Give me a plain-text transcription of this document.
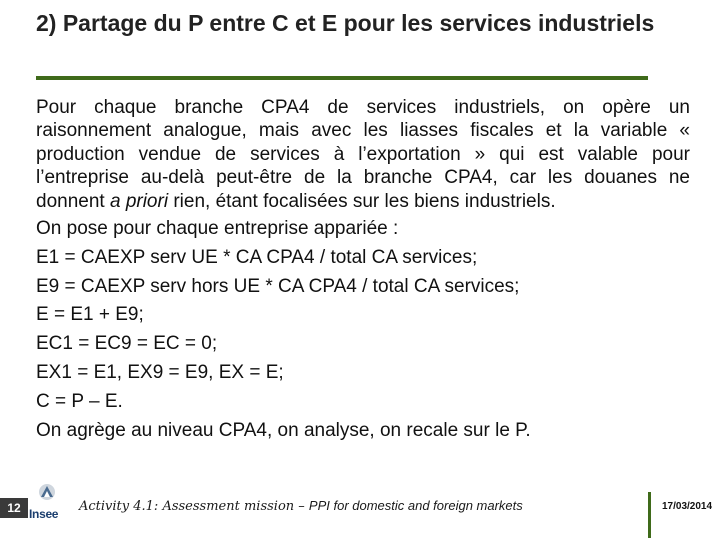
2) Partage du P entre C et E pour les services industriels

Pour chaque branche CPA4 de services industriels, on opère un raisonnement analogue, mais avec les liasses fiscales et la variable « production vendue de services à l’exportation » qui est valable pour l’entreprise au-delà peut-être de la branche CPA4, car les douanes ne donnent a priori rien, étant focalisées sur les biens industriels.

On pose pour chaque entreprise appariée :

E1 = CAEXP serv UE * CA CPA4 / total CA services;

E9 = CAEXP serv hors UE * CA CPA4 / total CA services;

E = E1 + E9;

EC1 = EC9 = EC = 0;

EX1 = E1, EX9 = E9, EX = E;

C = P – E.

On agrège au niveau CPA4, on analyse, on recale sur le P.

12 Insee Activity 4.1: Assessment mission – PPI for domestic and foreign markets	17/03/2014
